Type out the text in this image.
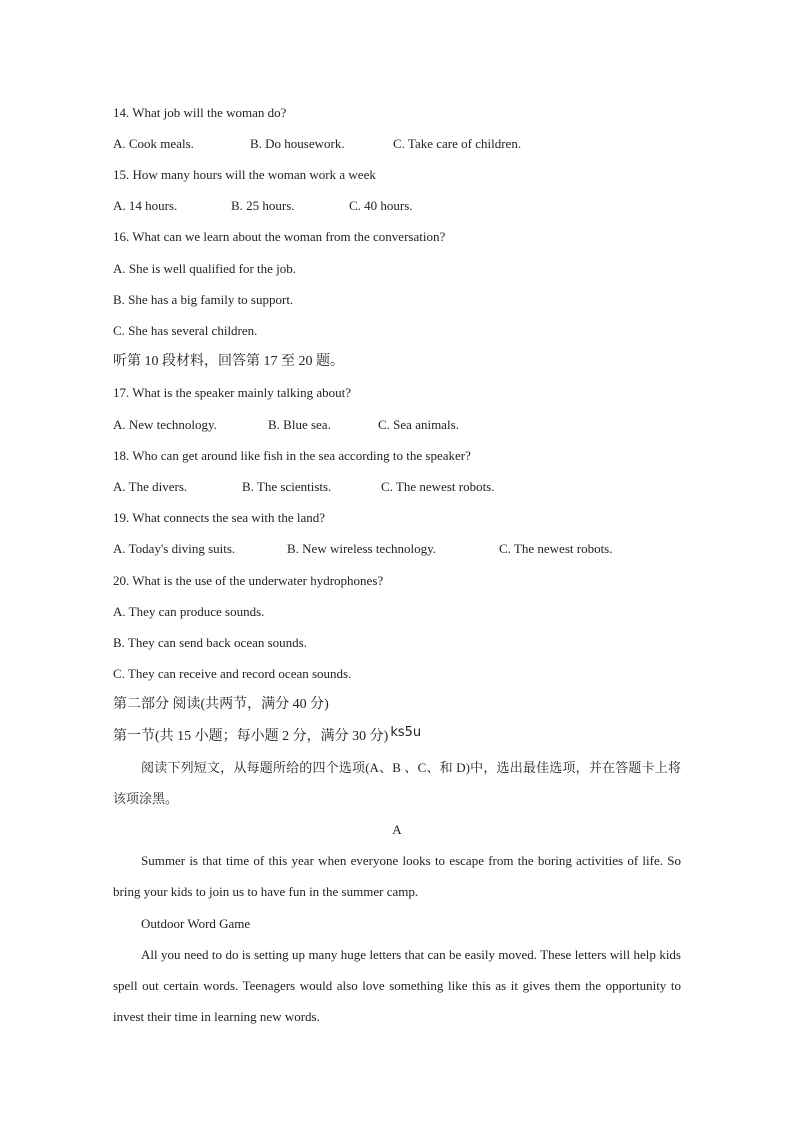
14. What job will the woman do?
A. Cook meals.	B. Do housework.	C. Take care of children.
15. How many hours will the woman work a week
A. 14 hours.	B. 25 hours.	C. 40 hours.
16. What can we learn about the woman from the conversation?
A. She is well qualified for the job.
B. She has a big family to support.
C. She has several children.
听第 10 段材料，回答第 17 至 20 题。
17. What is the speaker mainly talking about?
A. New technology.	B. Blue sea.	C. Sea animals.
18. Who can get around like fish in the sea according to the speaker?
A. The divers.	B. The scientists.	C. The newest robots.
19. What connects the sea with the land?
A. Today's diving suits.	B. New wireless technology.	C. The newest robots.
20. What is the use of the underwater hydrophones?
A. They can produce sounds.
B. They can send back ocean sounds.
C. They can receive and record ocean sounds.
第二部分 阅读(共两节，满分 40 分)
第一节(共 15 小题；每小题 2 分，满分 30 分) ks5u
阅读下列短文，从每题所给的四个选项(A、B 、C、和 D)中，选出最佳选项，并在答题卡上将该项涂黑。
A
Summer is that time of this year when everyone looks to escape from the boring activities of life. So bring your kids to join us to have fun in the summer camp.
Outdoor Word Game
All you need to do is setting up many huge letters that can be easily moved. These letters will help kids spell out certain words. Teenagers would also love something like this as it gives them the opportunity to invest their time in learning new words.
